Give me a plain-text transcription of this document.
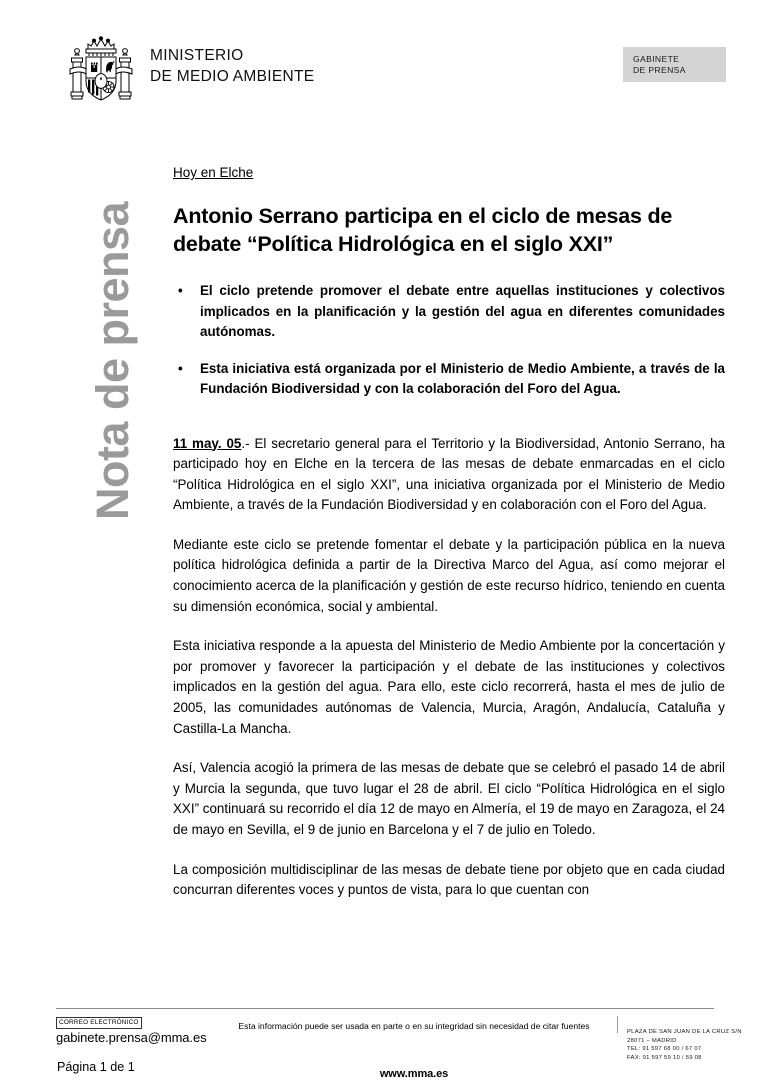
MINISTERIO
DE MEDIO AMBIENTE
GABINETE
DE PRENSA
Nota de prensa
Hoy en Elche
Antonio Serrano participa en el ciclo de mesas de debate “Política Hidrológica en el siglo XXI”
• El ciclo pretende promover el debate entre aquellas instituciones y colectivos implicados en la planificación y la gestión del agua en diferentes comunidades autónomas.
• Esta iniciativa está organizada por el Ministerio de Medio Ambiente, a través de la Fundación Biodiversidad y con la colaboración del Foro del Agua.

11 may. 05.- El secretario general para el Territorio y la Biodiversidad, Antonio Serrano, ha participado hoy en Elche en la tercera de las mesas de debate enmarcadas en el ciclo “Política Hidrológica en el siglo XXI”, una iniciativa organizada por el Ministerio de Medio Ambiente, a través de la Fundación Biodiversidad y en colaboración con el Foro del Agua.

Mediante este ciclo se pretende fomentar el debate y la participación pública en la nueva política hidrológica definida a partir de la Directiva Marco del Agua, así como mejorar el conocimiento acerca de la planificación y gestión de este recurso hídrico, teniendo en cuenta su dimensión económica, social y ambiental.

Esta iniciativa responde a la apuesta del Ministerio de Medio Ambiente por la concertación y por promover y favorecer la participación y el debate de las instituciones y colectivos implicados en la gestión del agua. Para ello, este ciclo recorrerá, hasta el mes de julio de 2005, las comunidades autónomas de Valencia, Murcia, Aragón, Andalucía, Cataluña y Castilla-La Mancha.

Así, Valencia acogió la primera de las mesas de debate que se celebró el pasado 14 de abril y Murcia la segunda, que tuvo lugar el 28 de abril. El ciclo “Política Hidrológica en el siglo XXI” continuará su recorrido el día 12 de mayo en Almería, el 19 de mayo en Zaragoza, el 24 de mayo en Sevilla, el 9 de junio en Barcelona y el 7 de julio en Toledo.

La composición multidisciplinar de las mesas de debate tiene por objeto que en cada ciudad concurran diferentes voces y puntos de vista, para lo que cuentan con

CORREO ELECTRÓNICO
gabinete.prensa@mma.es
Esta información puede ser usada en parte o en su integridad sin necesidad de citar fuentes
www.mma.es
PLAZA DE SAN JUAN DE LA CRUZ S/N
28071 – MADRID
TEL: 91 597 68 00 / 67 07
FAX: 91 597 59 10 / 59 08
Página 1 de 1
